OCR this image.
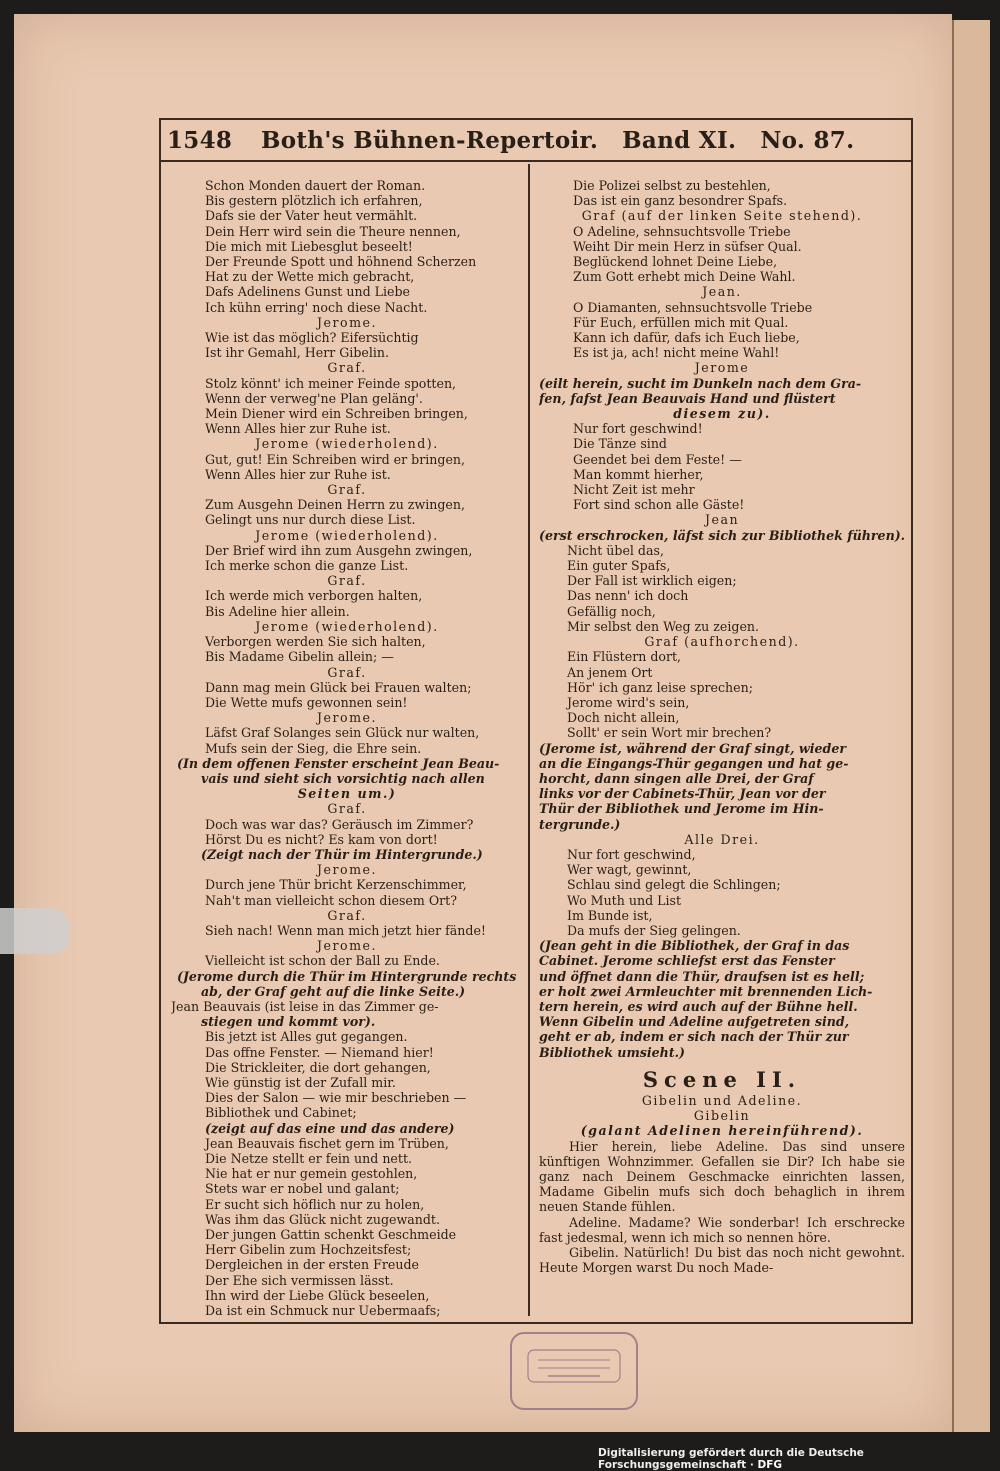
1548	Both's Bühnen-Repertoir. Band XI. No. 87.
Schon Monden dauert der Roman.
Bis gestern plötzlich ich erfahren,
Dafs sie der Vater heut vermählt.
Dein Herr wird sein die Theure nennen,
Die mich mit Liebesglut beseelt!
Der Freunde Spott und höhnend Scherzen
Hat zu der Wette mich gebracht,
Dafs Adelinens Gunst und Liebe
Ich kühn erring' noch diese Nacht.
Jerome.
Wie ist das möglich? Eifersüchtig
Ist ihr Gemahl, Herr Gibelin.
Graf.
Stolz könnt' ich meiner Feinde spotten,
Wenn der verweg'ne Plan geläng'.
Mein Diener wird ein Schreiben bringen,
Wenn Alles hier zur Ruhe ist.
Jerome (wiederholend).
Gut, gut! Ein Schreiben wird er bringen,
Wenn Alles hier zur Ruhe ist.
Graf.
Zum Ausgehn Deinen Herrn zu zwingen,
Gelingt uns nur durch diese List.
Jerome (wiederholend).
Der Brief wird ihn zum Ausgehn zwingen,
Ich merke schon die ganze List.
Graf.
Ich werde mich verborgen halten,
Bis Adeline hier allein.
Jerome (wiederholend).
Verborgen werden Sie sich halten,
Bis Madame Gibelin allein; —
Graf.
Dann mag mein Glück bei Frauen walten;
Die Wette mufs gewonnen sein!
Jerome.
Läfst Graf Solanges sein Glück nur walten,
Mufs sein der Sieg, die Ehre sein.
(In dem offenen Fenster erscheint Jean Beau-
vais und sieht sich vorsichtig nach allen
Seiten um.)
Graf.
Doch was war das? Geräusch im Zimmer?
Hörst Du es nicht? Es kam von dort!
(Zeigt nach der Thür im Hintergrunde.)
Jerome.
Durch jene Thür bricht Kerzenschimmer,
Nah't man vielleicht schon diesem Ort?
Graf.
Sieh nach! Wenn man mich jetzt hier fände!
Jerome.
Vielleicht ist schon der Ball zu Ende.
(Jerome durch die Thür im Hintergrunde rechts
ab, der Graf geht auf die linke Seite.)
Jean Beauvais (ist leise in das Zimmer ge-
stiegen und kommt vor).
Bis jetzt ist Alles gut gegangen.
Das offne Fenster. — Niemand hier!
Die Strickleiter, die dort gehangen,
Wie günstig ist der Zufall mir.
Dies der Salon — wie mir beschrieben —
Bibliothek und Cabinet;
(zeigt auf das eine und das andere)
Jean Beauvais fischet gern im Trüben,
Die Netze stellt er fein und nett.
Nie hat er nur gemein gestohlen,
Stets war er nobel und galant;
Er sucht sich höflich nur zu holen,
Was ihm das Glück nicht zugewandt.
Der jungen Gattin schenkt Geschmeide
Herr Gibelin zum Hochzeitsfest;
Dergleichen in der ersten Freude
Der Ehe sich vermissen lässt.
Ihn wird der Liebe Glück beseelen,
Da ist ein Schmuck nur Uebermaafs;
Die Polizei selbst zu bestehlen,
Das ist ein ganz besondrer Spafs.
Graf (auf der linken Seite stehend).
O Adeline, sehnsuchtsvolle Triebe
Weiht Dir mein Herz in süfser Qual.
Beglückend lohnet Deine Liebe,
Zum Gott erhebt mich Deine Wahl.
Jean.
O Diamanten, sehnsuchtsvolle Triebe
Für Euch, erfüllen mich mit Qual.
Kann ich dafür, dafs ich Euch liebe,
Es ist ja, ach! nicht meine Wahl!
Jerome
(eilt herein, sucht im Dunkeln nach dem Gra-
fen, fafst Jean Beauvais Hand und flüstert
diesem zu).
Nur fort geschwind!
Die Tänze sind
Geendet bei dem Feste! —
Man kommt hierher,
Nicht Zeit ist mehr
Fort sind schon alle Gäste!
Jean
(erst erschrocken, läfst sich zur Bibliothek führen).
Nicht übel das,
Ein guter Spafs,
Der Fall ist wirklich eigen;
Das nenn' ich doch
Gefällig noch,
Mir selbst den Weg zu zeigen.
Graf (aufhorchend).
Ein Flüstern dort,
An jenem Ort
Hör' ich ganz leise sprechen;
Jerome wird's sein,
Doch nicht allein,
Sollt' er sein Wort mir brechen?
(Jerome ist, während der Graf singt, wieder
an die Eingangs-Thür gegangen und hat ge-
horcht, dann singen alle Drei, der Graf
links vor der Cabinets-Thür, Jean vor der
Thür der Bibliothek und Jerome im Hin-
tergrunde.)
Alle Drei.
Nur fort geschwind,
Wer wagt, gewinnt,
Schlau sind gelegt die Schlingen;
Wo Muth und List
Im Bunde ist,
Da mufs der Sieg gelingen.
(Jean geht in die Bibliothek, der Graf in das
Cabinet. Jerome schliefst erst das Fenster
und öffnet dann die Thür, draufsen ist es hell;
er holt zwei Armleuchter mit brennenden Lich-
tern herein, es wird auch auf der Bühne hell.
Wenn Gibelin und Adeline aufgetreten sind,
geht er ab, indem er sich nach der Thür zur
Bibliothek umsieht.)
Scene II.
Gibelin und Adeline.
Gibelin
(galant Adelinen hereinführend).
Hier herein, liebe Adeline. Das sind unsere künftigen Wohnzimmer. Gefallen sie Dir? Ich habe sie ganz nach Deinem Geschmacke einrichten lassen, Madame Gibelin mufs sich doch behaglich in ihrem neuen Stande fühlen.
Adeline. Madame? Wie sonderbar! Ich erschrecke fast jedesmal, wenn ich mich so nennen höre.
Gibelin. Natürlich! Du bist das noch nicht gewohnt. Heute Morgen warst Du noch Made-
Digitalisierung gefördert durch die Deutsche Forschungsgemeinschaft · DFG
